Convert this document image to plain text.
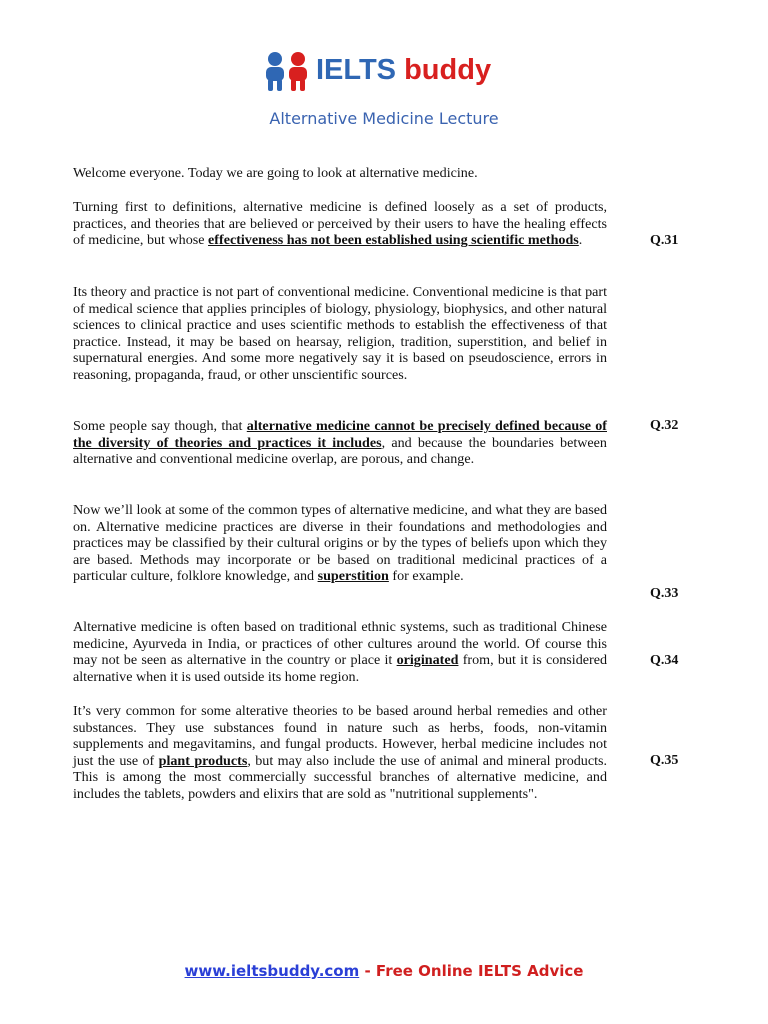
IELTS buddy
Alternative Medicine Lecture

Welcome everyone. Today we are going to look at alternative medicine.

Turning first to definitions, alternative medicine is defined loosely as a set of products, practices, and theories that are believed or perceived by their users to have the healing effects of medicine, but whose effectiveness has not been established using scientific methods.	Q.31

Its theory and practice is not part of conventional medicine. Conventional medicine is that part of medical science that applies principles of biology, physiology, biophysics, and other natural sciences to clinical practice and uses scientific methods to establish the effectiveness of that practice. Instead, it may be based on hearsay, religion, tradition, superstition, and belief in supernatural energies. And some more negatively say it is based on pseudoscience, errors in reasoning, propaganda, fraud, or other unscientific sources.

Some people say though, that alternative medicine cannot be precisely defined because of the diversity of theories and practices it includes, and because the boundaries between alternative and conventional medicine overlap, are porous, and change.

Q.32

Now we’ll look at some of the common types of alternative medicine, and what they are based on. Alternative medicine practices are diverse in their foundations and methodologies and practices may be classified by their cultural origins or by the types of beliefs upon which they are based. Methods may incorporate or be based on traditional medicinal practices of a particular culture, folklore knowledge, and superstition for example.

Q.33

Alternative medicine is often based on traditional ethnic systems, such as traditional Chinese medicine, Ayurveda in India, or practices of other cultures around the world. Of course this may not be seen as alternative in the country or place it originated from, but it is considered alternative when it is used outside its home region.

Q.34

It’s very common for some alterative theories to be based around herbal remedies and other substances. They use substances found in nature such as herbs, foods, non-vitamin supplements and megavitamins, and fungal products. However, herbal medicine includes not just the use of plant products, but may also include the use of animal and mineral products. This is among the most commercially successful branches of alternative medicine, and includes the tablets, powders and elixirs that are sold as "nutritional supplements".

Q.35
www.ieltsbuddy.com - Free Online IELTS Advice
